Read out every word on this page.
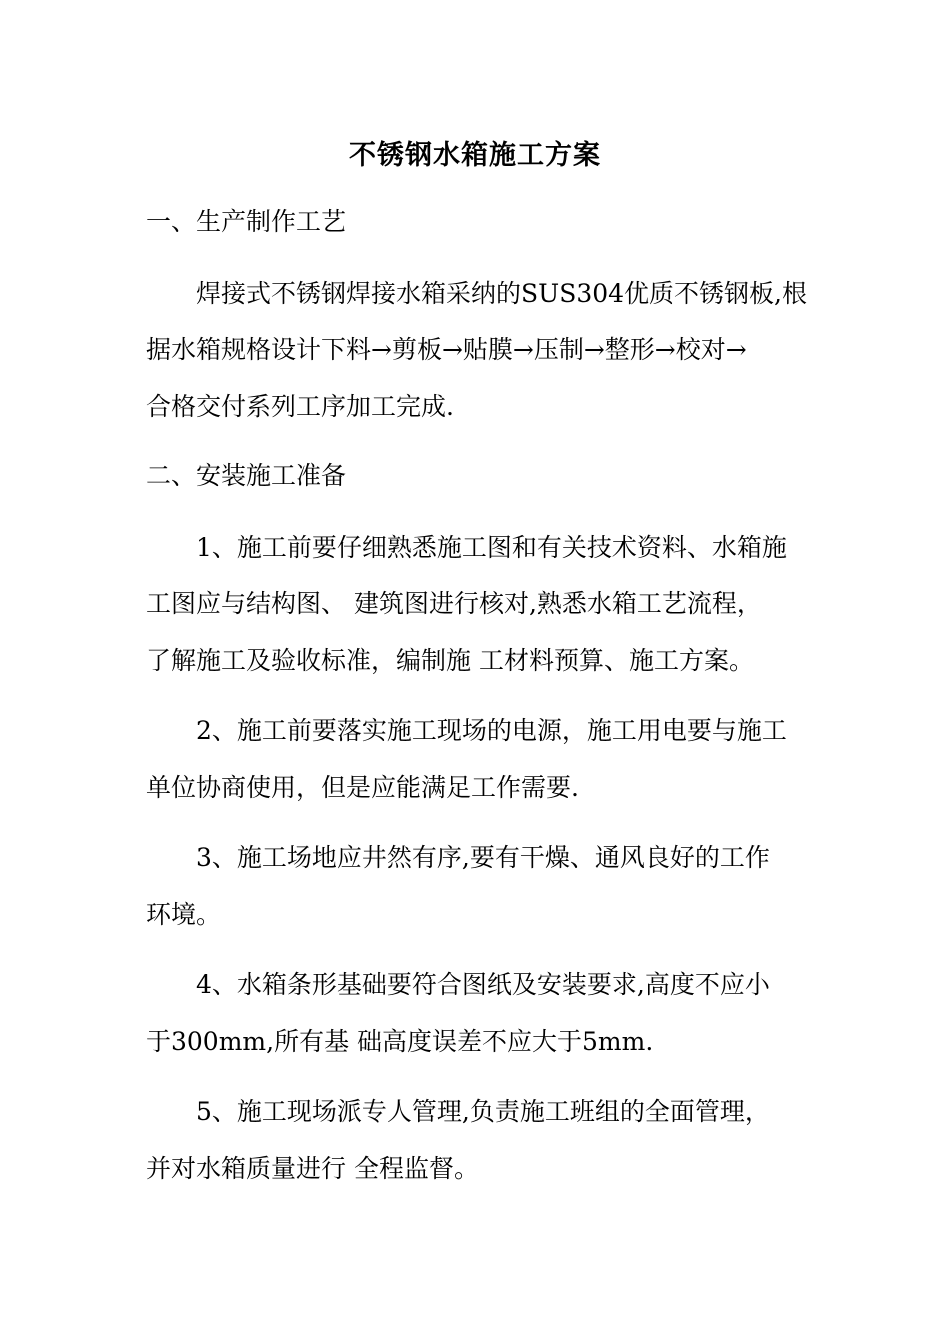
不锈钢水箱施工方案
一、生产制作工艺
焊接式不锈钢焊接水箱采纳的SUS304优质不锈钢板,根
据水箱规格设计下料→剪板→贴膜→压制→整形→校对→
合格交付系列工序加工完成.
二、安装施工准备
1、施工前要仔细熟悉施工图和有关技术资料、水箱施
工图应与结构图、 建筑图进行核对,熟悉水箱工艺流程，
了解施工及验收标准，编制施 工材料预算、施工方案。
2、施工前要落实施工现场的电源，施工用电要与施工
单位协商使用，但是应能满足工作需要.
3、施工场地应井然有序,要有干燥、通风良好的工作
环境。
4、水箱条形基础要符合图纸及安装要求,高度不应小
于300mm,所有基 础高度误差不应大于5mm.
5、施工现场派专人管理,负责施工班组的全面管理，
并对水箱质量进行 全程监督。
